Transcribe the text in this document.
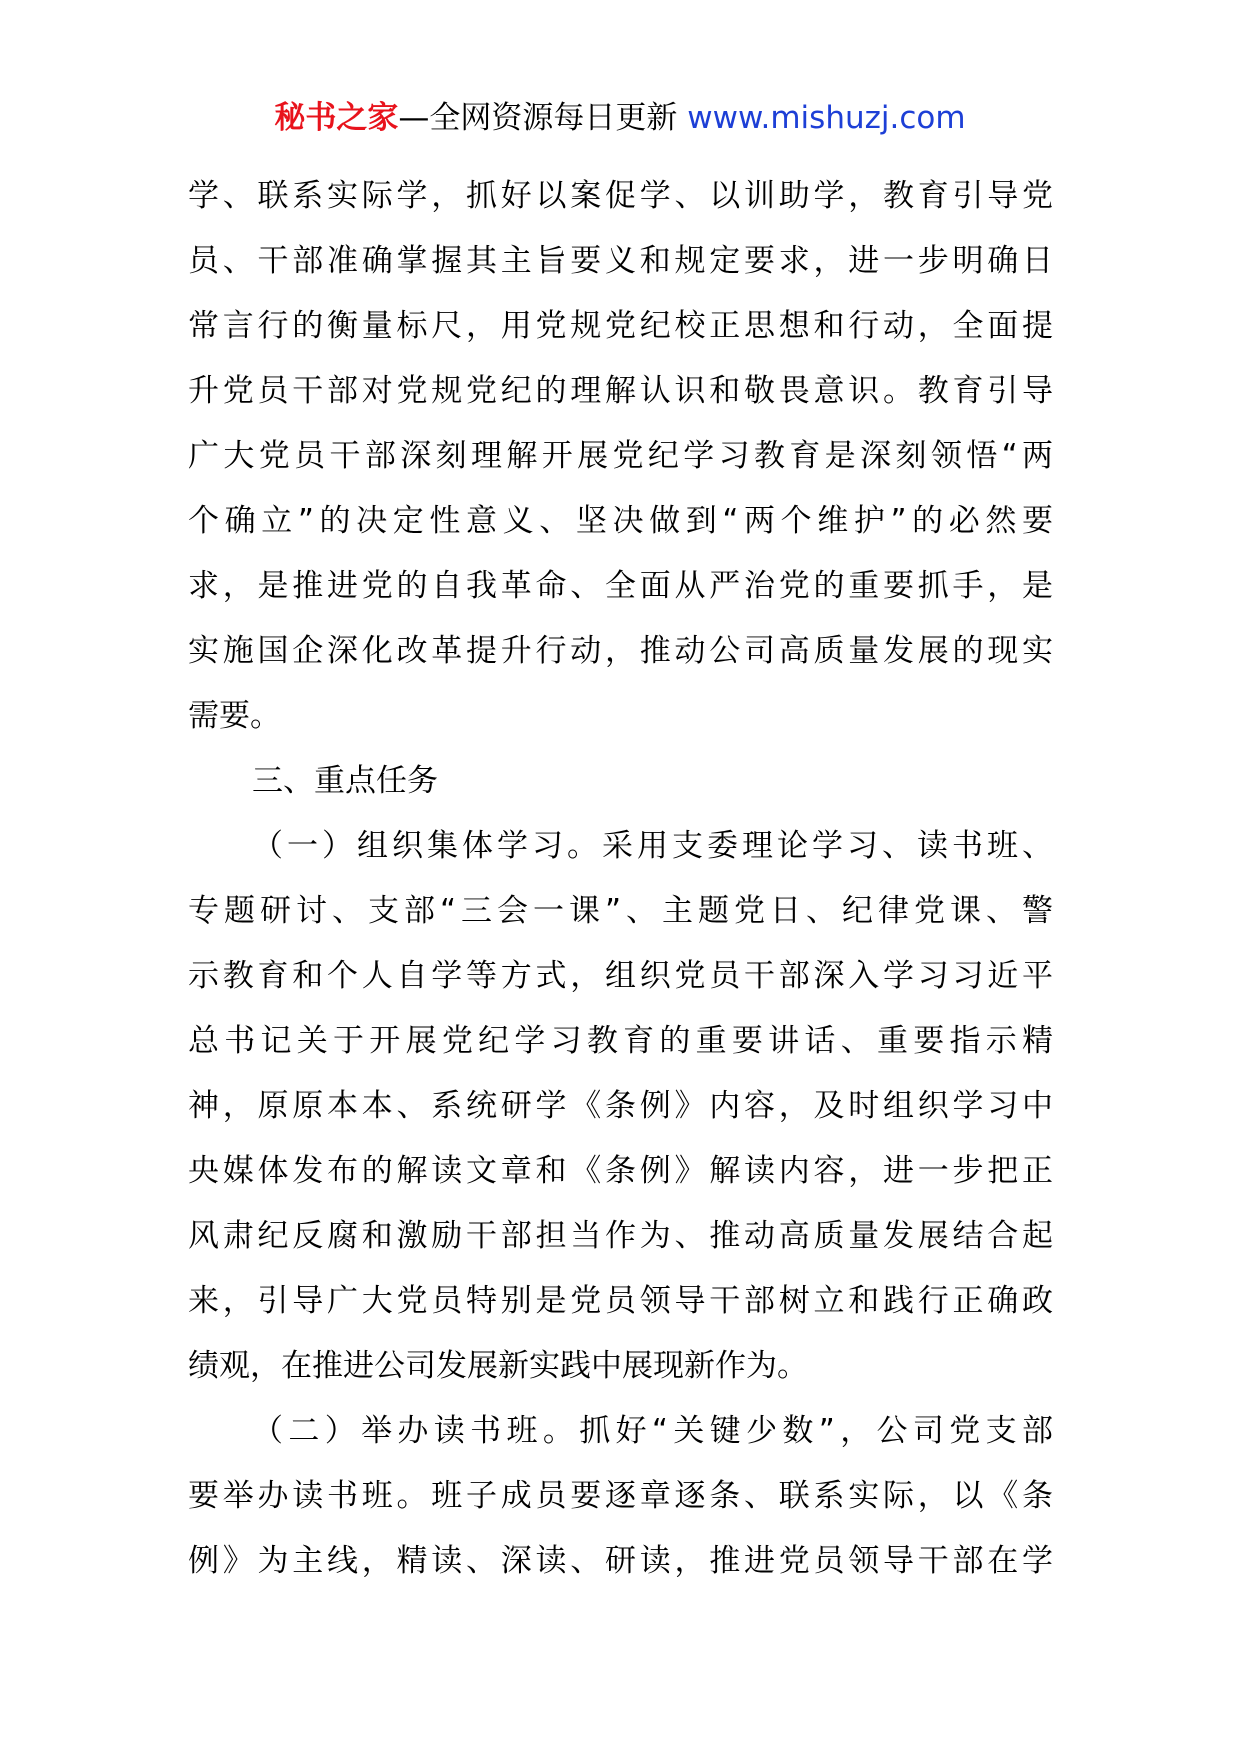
秘书之家—全网资源每日更新 www.mishuzj.com
学、联系实际学，抓好以案促学、以训助学，教育引导党
员、干部准确掌握其主旨要义和规定要求，进一步明确日
常言行的衡量标尺，用党规党纪校正思想和行动，全面提
升党员干部对党规党纪的理解认识和敬畏意识。教育引导
广大党员干部深刻理解开展党纪学习教育是深刻领悟“两
个确立”的决定性意义、坚决做到“两个维护”的必然要
求，是推进党的自我革命、全面从严治党的重要抓手，是
实施国企深化改革提升行动，推动公司高质量发展的现实
需要。
三、重点任务
（一）组织集体学习。采用支委理论学习、读书班、
专题研讨、支部“三会一课”、主题党日、纪律党课、警
示教育和个人自学等方式，组织党员干部深入学习习近平
总书记关于开展党纪学习教育的重要讲话、重要指示精
神，原原本本、系统研学《条例》内容，及时组织学习中
央媒体发布的解读文章和《条例》解读内容，进一步把正
风肃纪反腐和激励干部担当作为、推动高质量发展结合起
来，引导广大党员特别是党员领导干部树立和践行正确政
绩观，在推进公司发展新实践中展现新作为。
（二）举办读书班。抓好“关键少数”，公司党支部
要举办读书班。班子成员要逐章逐条、联系实际，以《条
例》为主线，精读、深读、研读，推进党员领导干部在学
